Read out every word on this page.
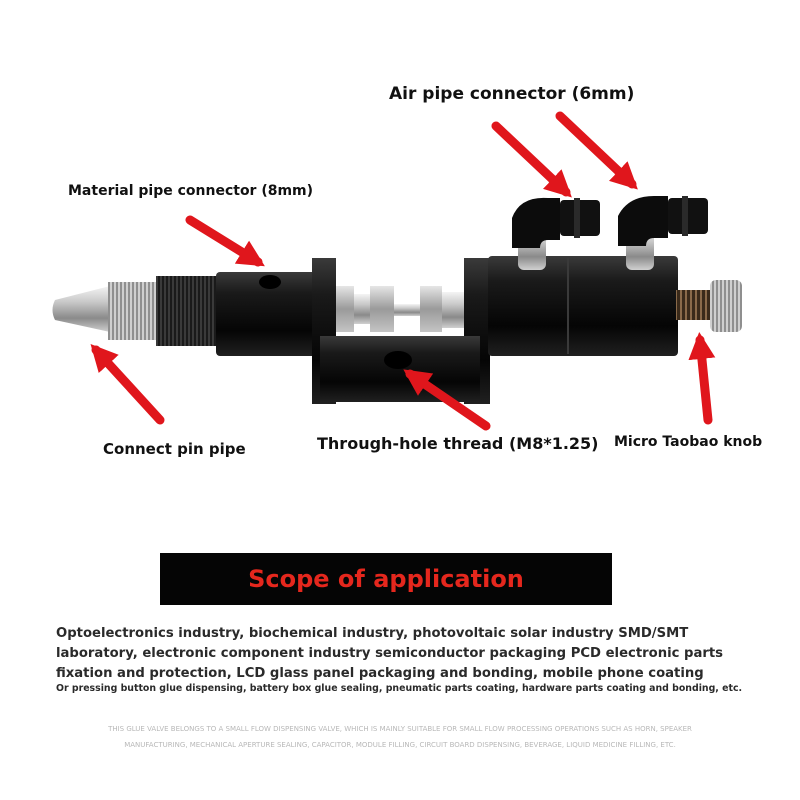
Air pipe connector (6mm)
Material pipe connector (8mm)
Connect pin pipe	Through-hole thread (M8*1.25) Micro Taobao knob
Scope of application
Optoelectronics industry, biochemical industry, photovoltaic solar industry SMD/SMT laboratory, electronic component industry semiconductor packaging PCD electronic parts fixation and protection, LCD glass panel packaging and bonding, mobile phone coating
Or pressing button glue dispensing, battery box glue sealing, pneumatic parts coating, hardware parts coating and bonding, etc.
THIS GLUE VALVE BELONGS TO A SMALL FLOW DISPENSING VALVE, WHICH IS MAINLY SUITABLE FOR SMALL FLOW PROCESSING OPERATIONS SUCH AS HORN, SPEAKER MANUFACTURING, MECHANICAL APERTURE SEALING, CAPACITOR, MODULE FILLING, CIRCUIT BOARD DISPENSING, BEVERAGE, LIQUID MEDICINE FILLING, ETC.
